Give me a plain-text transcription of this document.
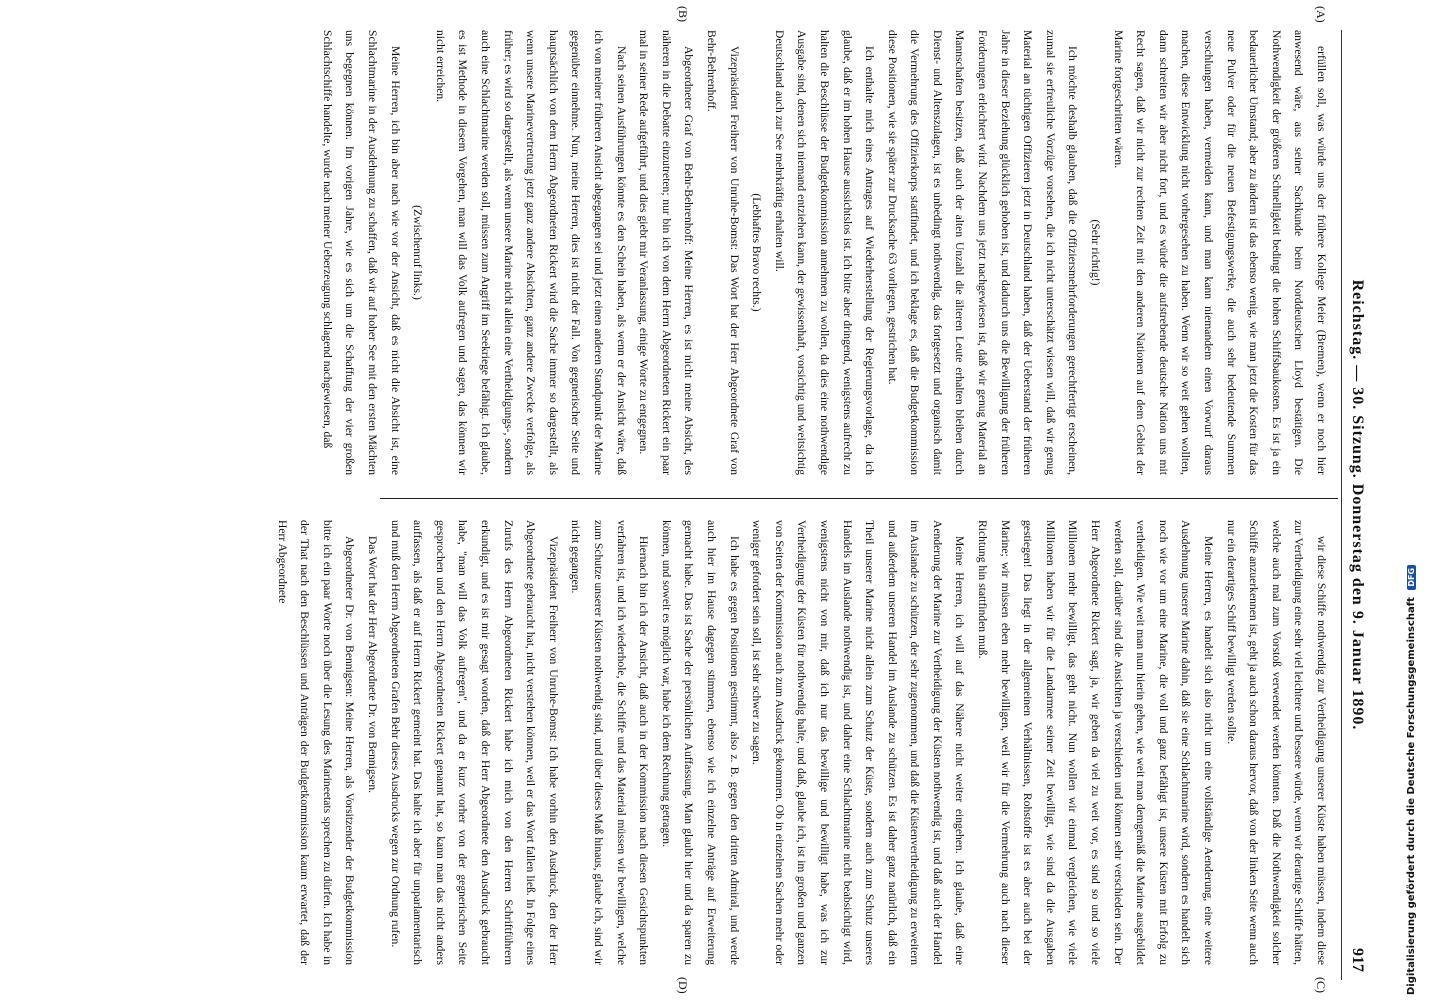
Reichstag. — 30. Sitzung. Donnerstag den 9. Januar 1890.
917
(A)
(B)
(C)
(D)

erfüllen soll, was würde uns der frühere Kollege Meier (Bremen), wenn er noch hier anwesend wäre, aus seiner Sachkunde beim Norddeutschen Lloyd bestätigen. Die Nothwendigkeit der größeren Schnelligkeit bedingt die hohen Schiffsbaukosten. Es ist ja ein bedauerlicher Umstand; aber zu ändern ist das ebenso wenig, wie man jetzt die Kosten für das neue Pulver oder für die neuen Befestigungswerke, die auch sehr bedeutende Summen verschlungen haben, vermeiden kann, und man kann niemandem einen Vorwurf daraus machen, diese Entwicklung nicht vorhergesehen zu haben. Wenn wir so weit gehen wollten, dann schreiten wir aber nicht fort, und es würde die aufstrebende deutsche Nation uns mit Recht sagen, daß wir nicht zur rechten Zeit mit den anderen Nationen auf dem Gebiet der Marine fortgeschritten wären.

(Sehr richtig!)

Ich möchte deshalb glauben, daß die Offiziersmehrforderungen gerechtfertigt erscheinen, zumal sie erfreuliche Vorzüge vorsehen, die ich nicht unterschätzt wissen will, daß wir genug Material an tüchtigen Offizieren jetzt in Deutschland haben, daß der Ueberstand der früheren Jahre in dieser Beziehung glücklich gehoben ist, und dadurch uns die Bewilligung der früheren Forderungen erleichtert wird. Nachdem uns jetzt nachgewiesen ist, daß wir genug Material an Mannschaften besitzen, daß auch der alten Unzahl die älteren Leute erhalten bleiben durch Dienst- und Altenszulagen, ist es unbedingt nothwendig, das fortgesetzt und organisch damit die Vermehrung des Offizierkorps stattfindet, und ich beklage es, daß die Budgetkommission diese Positionen, wie sie später zur Drucksache 63 vorliegen, gestrichen hat.

Ich enthalte mich eines Antrages auf Wiederherstellung der Regierungsvorlage, da ich glaube, daß er im hohen Hause aussichtslos ist. Ich bitte aber dringend, wenigstens aufrecht zu halten die Beschlüsse der Budgetkommission annehmen zu wollen, da dies eine nothwendige Ausgabe sind, denen sich niemand entziehen kann, der gewissenhaft, vorsichtig und weitsichtig Deutschland auch zur See mehrkräftig erhalten will.

(Lebhaftes Bravo rechts.)

Vizepräsident Freiherr von Unruhe-Bomst: Das Wort hat der Herr Abgeordnete Graf von Behr-Behrenhoff.

Abgeordneter Graf von Behr-Behrenhoff: Meine Herren, es ist nicht meine Absicht, des näheren in die Debatte einzutreten; nur bin ich von dem Herrn Abgeordneten Rickert ein paar mal in seiner Rede aufgeführt, und dies giebt mir Veranlassung, einige Worte zu entgegnen.

Nach seinen Ausführungen könnte es den Schein haben, als wenn er der Ansicht wäre, daß ich von meiner früheren Ansicht abgegangen sei und jetzt einen anderen Standpunkt der Marine gegenüber einnehme. Nun, meine Herren, dies ist nicht der Fall. Von gegnerischer Seite und hauptsächlich von dem Herrn Abgeordneten Rickert wird die Sache immer so dargestellt, als wenn unsere Marinevertretung jetzt ganz andere Absichten, ganz andere Zwecke verfolge, als früher; es wird so dargestellt, als wenn unsere Marine nicht allein eine Vertheidigungs-, sondern auch eine Schlachtmarine werden soll, müssen zum Angriff im Seekriege befähigt. Ich glaube, es ist Methode in diesem Vorgehen, man will das Volk aufregen und sagen, das können wir nicht erreichen.

(Zwischenruf links.)

Meine Herren, ich bin aber nach wie vor der Ansicht, daß es nicht die Absicht ist, eine Schlachtmarine in der Ausdehnung zu schaffen, daß wir auf hoher See mit den ersten Mächten uns begegnen können. Im vorigen Jahre, wie es sich um die Schaffung der vier großen Schlachtschiffe handelte, wurde nach meiner Ueberzeugung schlagend nachgewiesen, daß

wir diese Schiffe nothwendig zur Vertheidigung unserer Küste haben müssen, indem diese zur Vertheidigung eine sehr viel leichtere und bessere würde, wenn wir derartige Schiffe hätten, welche auch mal zum Vorstoß verwendet werden könnten. Daß die Nothwendigkeit solcher Schiffe anzuerkennen ist, geht ja auch schon daraus hervor, daß von der linken Seite wenn auch nur ein derartiges Schiff bewilligt werden sollte.

Meine Herren, es handelt sich also nicht um eine vollständige Aenderung, eine weitere Ausdehnung unserer Marine dahin, daß sie eine Schlachtmarine wird, sondern es handelt sich noch wie vor um eine Marine, die voll und ganz befähigt ist, unsere Küsten mit Erfolg zu vertheidigen. Wie weit man nun hierin gehen, wie weit man demgemäß die Marine ausgebildet werden soll, darüber sind die Ansichten ja verschieden und können sehr verschieden sein. Der Herr Abgeordnete Rickert sagt, ja, wir geben da viel zu weit vor, es sind so und so viele Millionen mehr bewilligt, das geht nicht. Nun wollen wir einmal vergleichen, wie viele Millionen haben wir für die Landarmee seiner Zeit bewilligt, wie sind da die Ausgaben gestiegen! Das liegt in der allgemeinen Verhältnissen, Rohstoffe ist es aber auch bei der Marine; wir müssen eben mehr bewilligen, weil wir für die Vermehrung auch nach dieser Richtung hin stattfinden muß.

Meine Herren, ich will auf das Nähere nicht weiter eingehen. Ich glaube, daß eine Aenderung der Marine zur Vertheidigung der Küsten nothwendig ist, und daß auch der Handel im Auslande zu schützen, der sehr zugenommen, und daß die Küstenvertheidigung zu erweitern und außerdem unseren Handel im Auslande zu schützen. Es ist daher ganz natürlich, daß ein Theil unserer Marine nicht allein zum Schutz der Küste, sondern auch zum Schutz unseres Handels im Auslande nothwendig ist, und daher eine Schlachtmarine nicht beabsichtigt wird, wenigstens nicht von mir, daß ich nur das bewillige und bewilligt habe, was ich zur Vertheidigung der Küsten für nothwendig halte, und daß, glaube ich, ist im großen und ganzen von Seiten der Kommission auch zum Ausdruck gekommen. Ob in einzelnen Sachen mehr oder weniger gefordert sein soll, ist sehr schwer zu sagen.

Ich habe es gegen Positionen gestimmt, also z. B. gegen den dritten Admiral, und werde auch hier im Hause dagegen stimmen, ebenso wie ich einzelne Anträge auf Erweiterung gemacht habe. Das ist Sache der persönlichen Auffassung. Man glaubt hier und da sparen zu können, und soweit es möglich war, habe ich dem Rechnung getragen.

Hiernach bin ich der Ansicht, daß auch in der Kommission nach diesen Gesichtspunkten verfahren ist, und ich wiederhole, die Schiffe und das Material müssen wir bewilligen, welche zum Schutze unserer Küsten nothwendig sind, und über dieses Maß hinaus, glaube ich, sind wir nicht gegangen.

Vizepräsident Freiherr von Unruhe-Bomst: Ich habe vorhin den Ausdruck, den der Herr Abgeordnete gebraucht hat, nicht verstehen können, weil er das Wort fallen ließ. In Folge eines Zurufs des Herrn Abgeordneten Rickert habe ich mich von den Herren Schriftführern erkundigt, und es ist mir gesagt worden, daß der Herr Abgeordnete den Ausdruck gebraucht habe, "man will das Volk aufregen", und da er kurz vorher von der gegnerischen Seite gesprochen und den Herrn Abgeordneten Rickert genannt hat, so kann man das nicht anders auffassen, als daß er auf Herrn Rickert gemeint hat. Das halte ich aber für unparlamentarisch und muß den Herrn Abgeordneten Grafen Behr dieses Ausdrucks wegen zur Ordnung rufen.

Das Wort hat der Herr Abgeordnete Dr. von Bennigsen.

Abgeordneter Dr. von Bennigsen: Meine Herren, als Vorsitzender der Budgetkommission bitte ich ein paar Worte noch über die Lesung des Marineetats sprechen zu dürfen. Ich habe in der That nach den Beschlüssen und Anträgen der Budgetkommission kaum erwartet, daß der Herr Abgeordnete

Digitalisierung gefördert durch die Deutsche Forschungsgemeinschaft DFG
